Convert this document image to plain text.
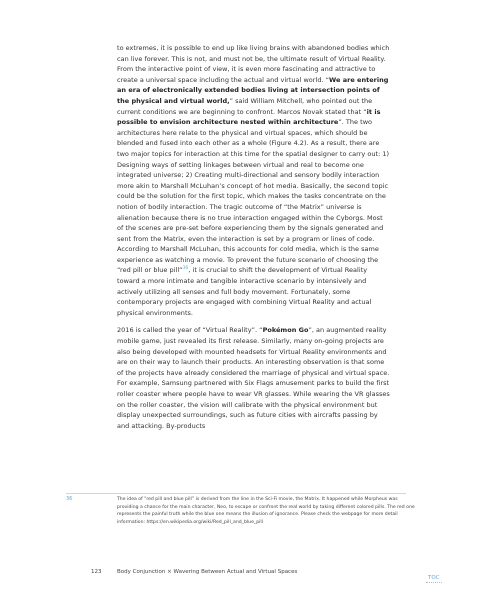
to extremes, it is possible to end up like living brains with abandoned bodies which can live forever. This is not, and must not be, the ultimate result of Virtual Reality. From the interactive point of view, it is even more fascinating and attractive to create a universal space including the actual and virtual world. “We are entering an era of electronically extended bodies living at intersection points of the physical and virtual world,” said William Mitchell, who pointed out the current conditions we are beginning to confront. Marcos Novak stated that “it is possible to envision architecture nested within architecture”. The two architectures here relate to the physical and virtual spaces, which should be blended and fused into each other as a whole (Figure 4.2). As a result, there are two major topics for interaction at this time for the spatial designer to carry out: 1) Designing ways of setting linkages between virtual and real to become one integrated universe; 2) Creating multi-directional and sensory bodily interaction more akin to Marshall McLuhan’s concept of hot media. Basically, the second topic could be the solution for the first topic, which makes the tasks concentrate on the notion of bodily interaction. The tragic outcome of “the Matrix” universe is alienation because there is no true interaction engaged within the Cyborgs. Most of the scenes are pre-set before experiencing them by the signals generated and sent from the Matrix, even the interaction is set by a program or lines of code. According to Marshall McLuhan, this accounts for cold media, which is the same experience as watching a movie. To prevent the future scenario of choosing the “red pill or blue pill”$^{36}$, it is crucial to shift the development of Virtual Reality toward a more intimate and tangible interactive scenario by intensively and actively utilizing all senses and full body movement. Fortunately, some contemporary projects are engaged with combining Virtual Reality and actual physical environments.

2016 is called the year of “Virtual Reality”. “Pokémon Go”, an augmented reality mobile game, just revealed its first release. Similarly, many on-going projects are also being developed with mounted headsets for Virtual Reality environments and are on their way to launch their products. An interesting observation is that some of the projects have already considered the marriage of physical and virtual space. For example, Samsung partnered with Six Flags amusement parks to build the first roller coaster where people have to wear VR glasses. While wearing the VR glasses on the roller coaster, the vision will calibrate with the physical environment but display unexpected surroundings, such as future cities with aircrafts passing by and attacking. By-products

36	The idea of “red pill and blue pill” is derived from the line in the Sci-Fi movie, the Matrix. It happened while Morpheus was providing a chance for the main character, Neo, to escape or confront the real world by taking different colored pills. The red one represents the painful truth while the blue one means the illusion of ignorance. Please check the webpage for more detail information: https://en.wikipedia.org/wiki/Red_pill_and_blue_pill
123	Body Conjunction × Wavering Between Actual and Virtual Spaces
TOC
